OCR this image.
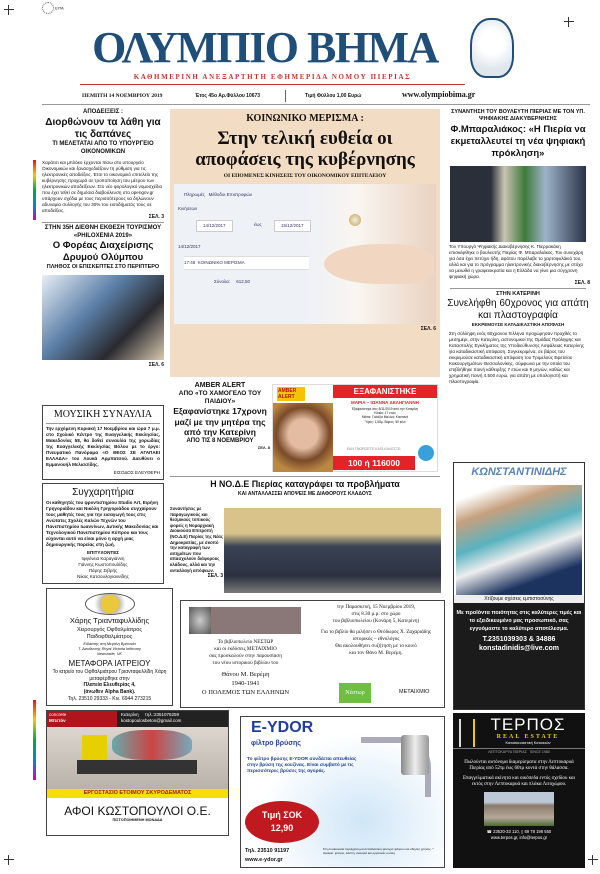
ΕΙΤΑ
ΟΛΥΜΠΙΟ ΒΗΜΑ
ΚΑΘΗΜΕΡΙΝΗ ΑΝΕΞΑΡΤΗΤΗ ΕΦΗΜΕΡΙΔΑ ΝΟΜΟΥ ΠΙΕΡΙΑΣ
ΠΕΜΠΤΗ 14 ΝΟΕΜΒΡΙΟΥ 2019	Έτος 45ο Αρ.Φύλλου 10673	Τιμή Φύλλου 1,00 Ευρώ	www.olympiobima.gr
ΑΠΟΔΕΙΞΕΙΣ :
Διορθώνουν τα λάθη για τις δαπάνες
ΤΙ ΜΕΛΕΤΑΤΑΙ ΑΠΟ ΤΟ ΥΠΟΥΡΓΕΙΟ ΟΙΚΟΝΟΜΙΚΩΝ
Χαράτσι και μπλόκο έρχονται πίσω στο υπουργείο Οικονομικών και ξανασχεδιάζουν τη ρύθμιση για τις ηλεκτρονικές αποδείξεις. Έτσι το οικονομικό επιτελείο της κυβέρνησης προχωρά σε τροποποίηση του μέτρου των ηλεκτρονικών αποδείξεων. Στο νέο φορολογικό νομοσχέδιο που έχει τεθεί σε δημόσια διαβούλευση στο opengov.gr υπάρχουν σχέδια με τους περισσότερους να δηλώνουν αδυναμία συλλογής του 30% του εισοδήματός τους σε αποδείξεις.
ΣΕΛ. 3
ΣΤΗΝ 35Η ΔΙΕΘΝΗ ΕΚΘΕΣΗ ΤΟΥΡΙΣΜΟΥ «PHILOXENIA 2019»
Ο Φορέας Διαχείρισης Δρυμού Ολύμπου
ΠΛΗΘΟΣ ΟΙ ΕΠΙΣΚΕΠΤΕΣ ΣΤΟ ΠΕΡΙΠΤΕΡΟ
ΣΕΛ. 6
ΜΟΥΣΙΚΗ ΣΥΝΑΥΛΙΑ
Την ερχόμενη Κυριακή 17 Νοεμβρίου και ώρα 7 μ.μ. στο Σχολικό Κέντρο της Ευαγγελικής Εκκλησίας, Μακεδονίας 58, θα δοθεί συναυλία της χορωδίας της Ευαγγελικής Εκκλησίας Βόλου με το έργο: Πνευματικό Πανόραμα «Ο ΘΕΟΣ ΣΕ ΑΓΑΠΑΕΙ ΕΛΛΑΔΑ» του Λουκά Αρμπατσού. Διευθύνει ο Εμμανουήλ Μελισσίδης.
ΕΙΣΟΔΟΣ ΕΛΕΥΘΕΡΗ
Συγχαρητήρια
Οι καθηγητές του φροντιστηρίου Studio Art, Ειρήνη Γρηγοριάδου και Νικόλη Γρηγοριάδου συγχαίρουν τους μαθητές τους για την εισαγωγή τους στις Ανώτατες Σχολές Καλών Τεχνών του Πανεπιστημίου Ιωαννίνων, Δυτικής Μακεδονίας και Τεχνολογικού Πανεπιστημίου Κύπρου και τους εύχονται αυτό να είναι μόνο η αρχή μιας δημιουργικής πορείας στη ζωή.
ΕΠΙΤΥΧΟΝΤΕΣ
Ιφιγένεια Καραγιάννη
Γιάννης Κωστοπουλίδης
Πάρης Σιβρής
Νίκος Κατσουλογιαννίδης
Χάρης Τριανταφυλλίδης
Χειρουργός Οφθαλμίατρος
Παιδοφθαλμίατρος
Ειδικότης στη Μεγάλη Βρετανία
Τ. Διευθυντής Royal Victoria Infirmary
Newcastle, UK
ΜΕΤΑΦΟΡΑ ΙΑΤΡΕΙΟΥ
Το ιατρείο του Οφθαλμιάτρου Τριανταφυλλίδη Χάρη μεταφέρθηκε στην
Πλατεία Ελευθερίας 4,
(άνωθεν Alpha Bank).
Τηλ. 23510 29333 - Κιν. 6944 273215
concrete
Μπετόν
Κατερίνη τηλ.:2351076259
kostopoulosbeton@gmail.com
ΕΡΓΟΣΤΑΣΙΟ ΕΤΟΙΜΟΥ ΣΚΥΡΟΔΕΜΑΤΟΣ
ΑΦΟΙ ΚΩΣΤΟΠΟΥΛΟΙ Ο.Ε.
ΠΙΣΤΟΠΟΙΗΜΕΝΗ ΜΟΝΑΔΑ
ΚΟΙΝΩΝΙΚΟ ΜΕΡΙΣΜΑ :
Στην τελική ευθεία οι αποφάσεις της κυβέρνησης
ΟΙ ΕΠΟΜΕΝΕΣ ΚΙΝΗΣΕΙΣ ΤΟΥ ΟΙΚΟΝΟΜΙΚΟΥ ΕΠΙΤΕΛΕΙΟΥ
Πληρωμές Μέθοδοι Επιστροφών
Κινήσεων
14/12/2017	έως	15/12/2017
14/12/2017
17:48 ΚΟΙΝΩΝΙΚΟ ΜΕΡΙΣΜΑ
Σύνολα: 612,50
ΣΕΛ. 6
AMBER ALERT
ΑΠΟ «ΤΟ ΧΑΜΟΓΕΛΟ ΤΟΥ ΠΑΙΔΙΟΥ»
Εξαφανίστηκε 17χρονη μαζί με την μητέρα της από την Κατερίνη
ΑΠΟ ΤΙΣ 8 ΝΟΕΜΒΡΙΟΥ
ΣΕΛ. 8
AMBER ALERT
ΕΞΑΦΑΝΙΣΤΗΚΕ
ΜΑΡΙΑ – ΙΩΑΝΝΑ ΔΕΛΗΓΙΑΝΝΗ
Εξαφανίστηκε στις 8/11/2019 από την Κατερίνη
Ηλικία: 17 ετών
Μάτια: Γαλάζια Μαλλιά: Καστανά
Ύψος: 1,58μ. Βάρος: 50 κιλά
ΕΑΝ ΓΝΩΡΙΖΕΤΕ ΚΑΠΙ ΚΑΛΕΣΤΕ:
100 ή 116000
Η ΝΟ.Δ.Ε Πιερίας καταγράφει τα προβλήματα
ΚΑΙ ΑΝΤΑΛΛΑΣΣΕΙ ΑΠΟΨΕΙΣ ΜΕ ΔΙΑΦΟΡΟΥΣ ΚΛΑΔΟΥΣ
Συναντήσεις με παραγωγικούς και θεσμικούς τοπικούς φορείς η Νομαρχιακή Διοικούσα Επιτροπή (ΝΟ.Δ.Ε) Πιερίας της Νέας Δημοκρατίας, με σκοπό την καταγραφή των αιτημάτων που απασχολούν διάφορους κλάδους, αλλά και την ανταλλαγή απόψεων.
ΣΕΛ. 3
Το βιβλιοπωλείο ΝΕΣΤΩΡ
και οι εκδόσεις ΜΕΤΑΙΧΜΙΟ
σας προσκαλούν στην παρουσίαση
του νέου ιστορικού βιβλίου του
Θάνου Μ. Βερέμη
1940-1941
Ο ΠΟΛΕΜΟΣ ΤΩΝ ΕΛΛΗΝΩΝ
την Παρασκευή, 15 Νοεμβρίου 2019,
στις 8.30 μ.μ. στο χώρο
του βιβλιοπωλείου (Κονάρη 5, Κατερίνη)
Για το βιβλίο θα μιλήσει ο Θεόδωρος Χ. Ζαχαριάδης
ιστορικός – εθνολόγος
Θα ακολουθήσει συζήτηση με το κοινό
και τον Θάνο Μ. Βερέμη.
Νέστωρ	ΜΕΤΑΙΧΜΙΟ
E-YDOR
φίλτρο βρύσης
Το φίλτρο βρύσης E-YDOR συνδέεται απευθείας στην βρύση της κουζίνας. Είναι συμβατό με τις περισσότερες βρύσες της αγοράς.
Τιμή ΣΟΚ
12,90
Τηλ. 23510 91197
www.e-ydor.gr
Στη συσκευασία περιέχεται μια ανταλλακτική φύσιγγα φίλτρου και οδηγίες χρήσης. * Αφαιρεί: χλώριο, λάσπη, σκουριά και οργανικές ουσίες.
ΣΥΝΑΝΤΗΣΗ ΤΟΥ ΒΟΥΛΕΥΤΗ ΠΙΕΡΙΑΣ ΜΕ ΤΟΝ ΥΠ. ΨΗΦΙΑΚΗΣ ΔΙΑΚΥΒΕΡΝΗΣΗΣ
Φ.Μπαραλιάκος: «Η Πιερία να εκμεταλλευτεί τη νέα ψηφιακή πρόκληση»
Τον Υπουργό Ψηφιακής Διακυβέρνησης Κ. Πιερρακάκη επισκέφθηκε ο βουλευτής Πιερίας Φ. Μπαραλιάκος. Τον συνεχάρη για όσα έχει πετύχει ήδη, αφότου παρέλαβε το χαρτοφυλάκιό του, αλλά και για το πρόγραμμα ηλεκτρονικής διακυβέρνησης με στόχο να μειωθεί η γραφειοκρατία και η Ελλάδα να γίνει μια σύγχρονη ψηφιακή χώρα.
ΣΕΛ. 8
ΣΤΗΝ ΚΑΤΕΡΙΝΗ
Συνελήφθη 60χρονος για απάτη και πλαστογραφία
ΕΚΚΡΕΜΟΥΣΕ ΚΑΤΑΔΙΚΑΣΤΙΚΗ ΑΠΟΦΑΣΗ
Στη σύλληψη ενός 60χρονου Έλληνα προχώρησαν προχθές το μεσημέρι, στην Κατερίνη, αστυνομικοί της Ομάδας Πρόληψης και Καταστολής Εγκλήματος της Υποδιεύθυνσης Ασφάλειας Κατερίνης για καταδικαστική απόφαση. Συγκεκριμένα, σε βάρος του εκκρεμούσε καταδικαστική απόφαση του Τριμελούς Εφετείου Κακουργημάτων Θεσσαλονίκης, σύμφωνα με την οποία του επιβλήθηκε ποινή κάθειρξης 7 ετών και 9 μηνών, καθώς και χρηματική ποινή 4.500 ευρώ, για απάτη με υπολογιστή και πλαστογραφία.
ΚΩΝΣΤΑΝΤΙΝΙΔΗΣ
Χτίζουμε σχέσεις εμπιστοσύνης
Με προϊόντα ποιότητας στις καλύτερες τιμές και το εξειδικευμένο μας προσωπικό, σας εγγυόμαστε το καλύτερο αποτέλεσμα.
T.2351039303 & 34886
konstadinidis@live.com
ΤΕΡΠΟΣ
REAL ESTATE
Κατασκευαστική Κατοικιών
ΛΕΠΤΟΚΑΡΥΑ ΠΙΕΡΙΑΣ SINCE 1980
Πωλούνται αυτόνομα διαμερίσματα στην Λεπτοκαρυά Πιερίας από 52τμ έως 60τμ κοντά στην θάλασσα.
Επαγγελματικά ακίνητα και οικόπεδα εντός σχεδίου και εκτός στην Λεπτοκαρυά και πλάκα Λιτοχώρου.
☎ 23520-33 110, ▯ 69 78 198 550
www.terpos.gr, info@terpos.gr
